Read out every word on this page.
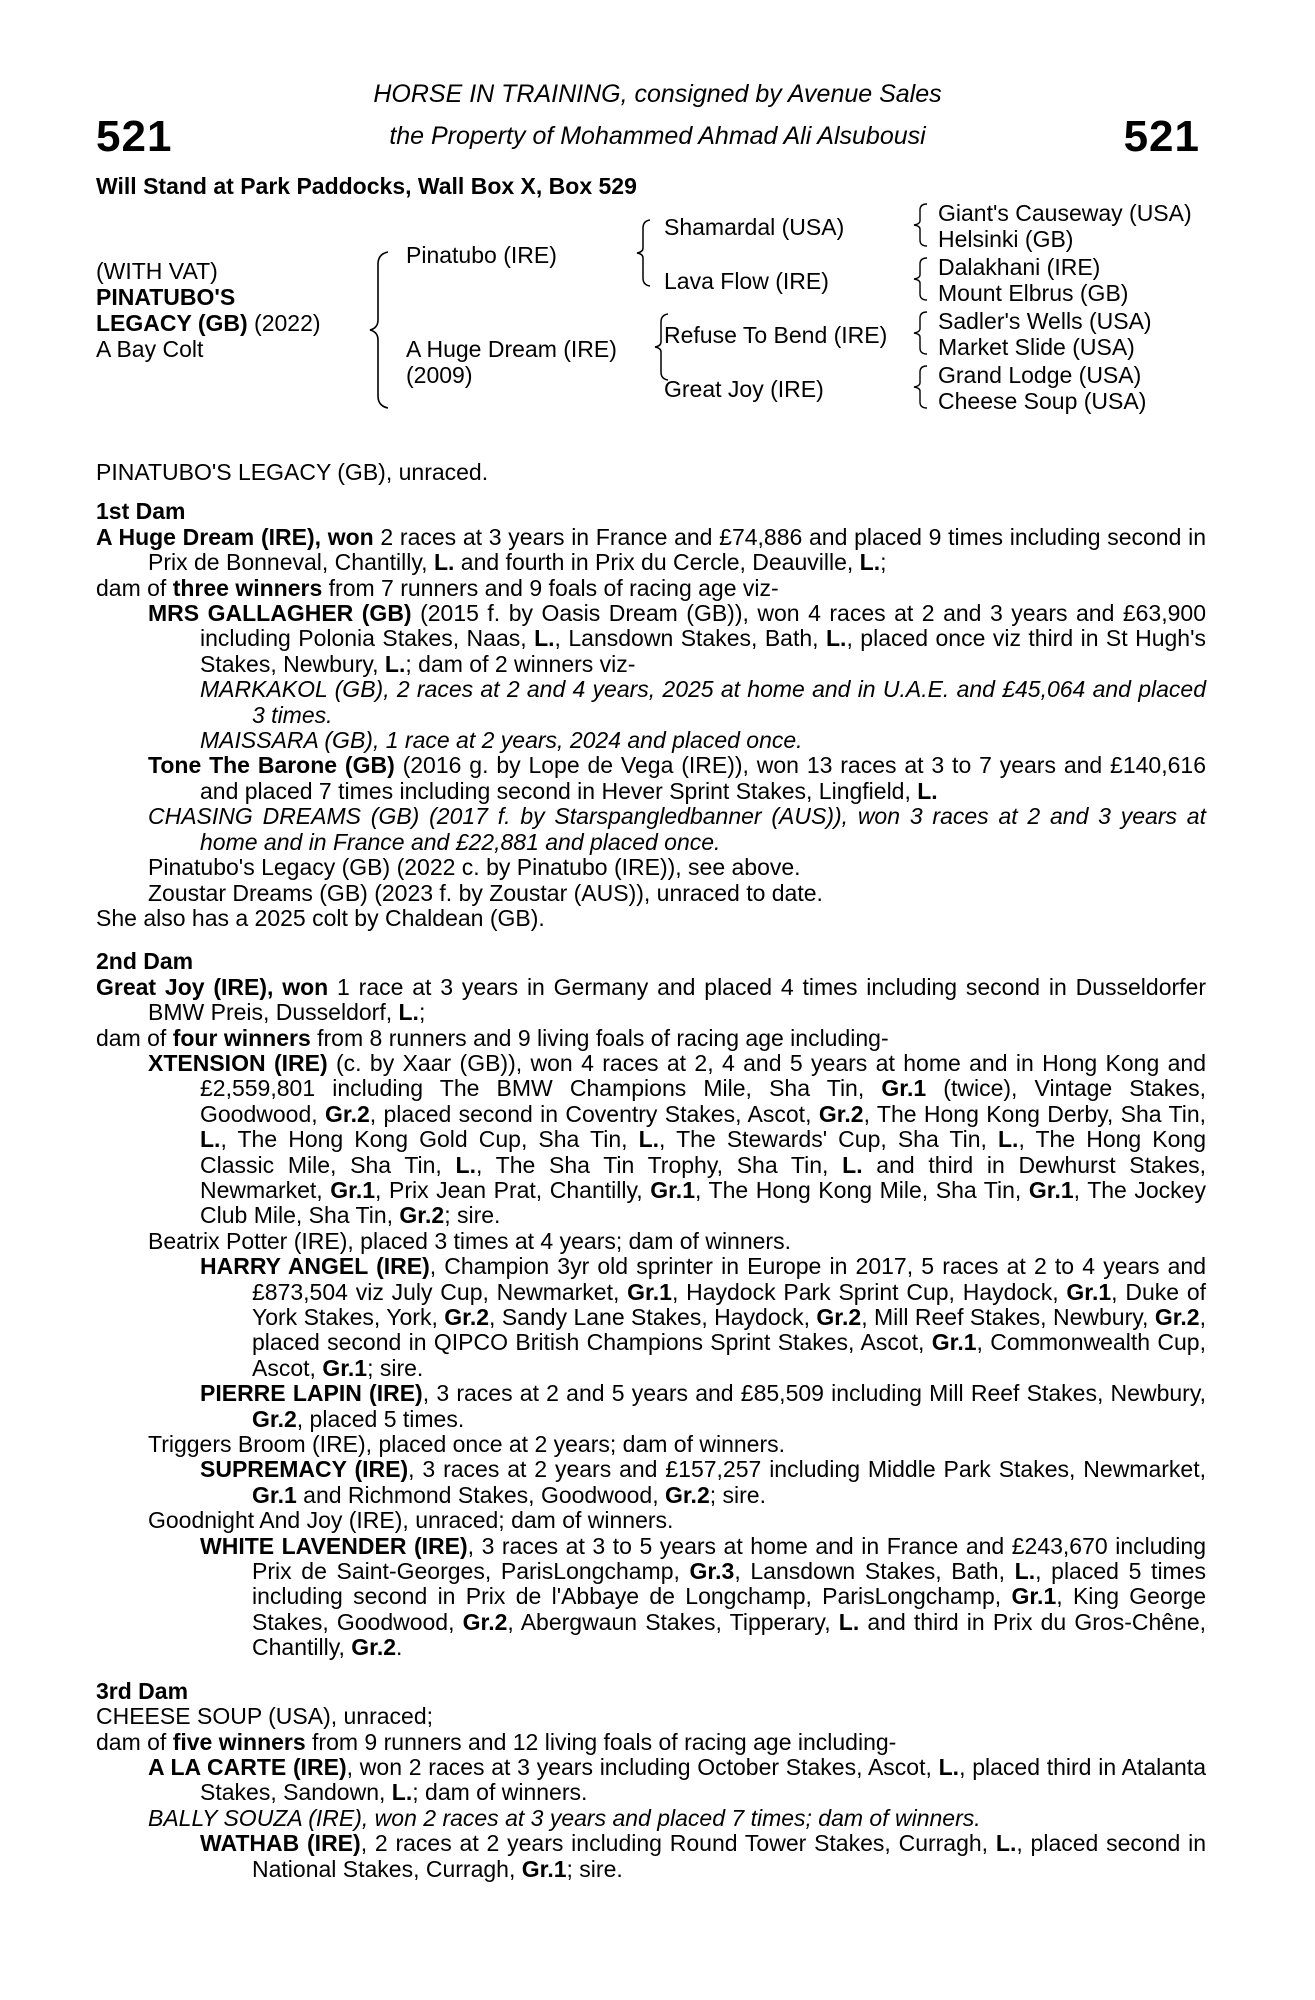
521	521
HORSE IN TRAINING, consigned by Avenue Sales
the Property of Mohammed Ahmad Ali Alsubousi
Will Stand at Park Paddocks, Wall Box X, Box 529
(WITH VAT)
PINATUBO'S
LEGACY (GB) (2022)
A Bay Colt
Pinatubo (IRE)
A Huge Dream (IRE)
(2009)
Shamardal (USA)
Lava Flow (IRE)
Refuse To Bend (IRE)
Great Joy (IRE)
Giant's Causeway (USA)
Helsinki (GB)
Dalakhani (IRE)
Mount Elbrus (GB)
Sadler's Wells (USA)
Market Slide (USA)
Grand Lodge (USA)
Cheese Soup (USA)

PINATUBO'S LEGACY (GB), unraced.

1st Dam

A Huge Dream (IRE), won 2 races at 3 years in France and £74,886 and placed 9 times including second in Prix de Bonneval, Chantilly, L. and fourth in Prix du Cercle, Deauville, L.;

dam of three winners from 7 runners and 9 foals of racing age viz-

MRS GALLAGHER (GB) (2015 f. by Oasis Dream (GB)), won 4 races at 2 and 3 years and £63,900 including Polonia Stakes, Naas, L., Lansdown Stakes, Bath, L., placed once viz third in St Hugh's Stakes, Newbury, L.; dam of 2 winners viz-

MARKAKOL (GB), 2 races at 2 and 4 years, 2025 at home and in U.A.E. and £45,064 and placed 3 times.

MAISSARA (GB), 1 race at 2 years, 2024 and placed once.

Tone The Barone (GB) (2016 g. by Lope de Vega (IRE)), won 13 races at 3 to 7 years and £140,616 and placed 7 times including second in Hever Sprint Stakes, Lingfield, L.

CHASING DREAMS (GB) (2017 f. by Starspangledbanner (AUS)), won 3 races at 2 and 3 years at home and in France and £22,881 and placed once.

Pinatubo's Legacy (GB) (2022 c. by Pinatubo (IRE)), see above.

Zoustar Dreams (GB) (2023 f. by Zoustar (AUS)), unraced to date.

She also has a 2025 colt by Chaldean (GB).

2nd Dam

Great Joy (IRE), won 1 race at 3 years in Germany and placed 4 times including second in Dusseldorfer BMW Preis, Dusseldorf, L.;

dam of four winners from 8 runners and 9 living foals of racing age including-

XTENSION (IRE) (c. by Xaar (GB)), won 4 races at 2, 4 and 5 years at home and in Hong Kong and £2,559,801 including The BMW Champions Mile, Sha Tin, Gr.1 (twice), Vintage Stakes, Goodwood, Gr.2, placed second in Coventry Stakes, Ascot, Gr.2, The Hong Kong Derby, Sha Tin, L., The Hong Kong Gold Cup, Sha Tin, L., The Stewards' Cup, Sha Tin, L., The Hong Kong Classic Mile, Sha Tin, L., The Sha Tin Trophy, Sha Tin, L. and third in Dewhurst Stakes, Newmarket, Gr.1, Prix Jean Prat, Chantilly, Gr.1, The Hong Kong Mile, Sha Tin, Gr.1, The Jockey Club Mile, Sha Tin, Gr.2; sire.

Beatrix Potter (IRE), placed 3 times at 4 years; dam of winners.

HARRY ANGEL (IRE), Champion 3yr old sprinter in Europe in 2017, 5 races at 2 to 4 years and £873,504 viz July Cup, Newmarket, Gr.1, Haydock Park Sprint Cup, Haydock, Gr.1, Duke of York Stakes, York, Gr.2, Sandy Lane Stakes, Haydock, Gr.2, Mill Reef Stakes, Newbury, Gr.2, placed second in QIPCO British Champions Sprint Stakes, Ascot, Gr.1, Commonwealth Cup, Ascot, Gr.1; sire.

PIERRE LAPIN (IRE), 3 races at 2 and 5 years and £85,509 including Mill Reef Stakes, Newbury, Gr.2, placed 5 times.

Triggers Broom (IRE), placed once at 2 years; dam of winners.

SUPREMACY (IRE), 3 races at 2 years and £157,257 including Middle Park Stakes, Newmarket, Gr.1 and Richmond Stakes, Goodwood, Gr.2; sire.

Goodnight And Joy (IRE), unraced; dam of winners.

WHITE LAVENDER (IRE), 3 races at 3 to 5 years at home and in France and £243,670 including Prix de Saint-Georges, ParisLongchamp, Gr.3, Lansdown Stakes, Bath, L., placed 5 times including second in Prix de l'Abbaye de Longchamp, ParisLongchamp, Gr.1, King George Stakes, Goodwood, Gr.2, Abergwaun Stakes, Tipperary, L. and third in Prix du Gros-Chêne, Chantilly, Gr.2.

3rd Dam

CHEESE SOUP (USA), unraced;

dam of five winners from 9 runners and 12 living foals of racing age including-

A LA CARTE (IRE), won 2 races at 3 years including October Stakes, Ascot, L., placed third in Atalanta Stakes, Sandown, L.; dam of winners.

BALLY SOUZA (IRE), won 2 races at 3 years and placed 7 times; dam of winners.

WATHAB (IRE), 2 races at 2 years including Round Tower Stakes, Curragh, L., placed second in National Stakes, Curragh, Gr.1; sire.
